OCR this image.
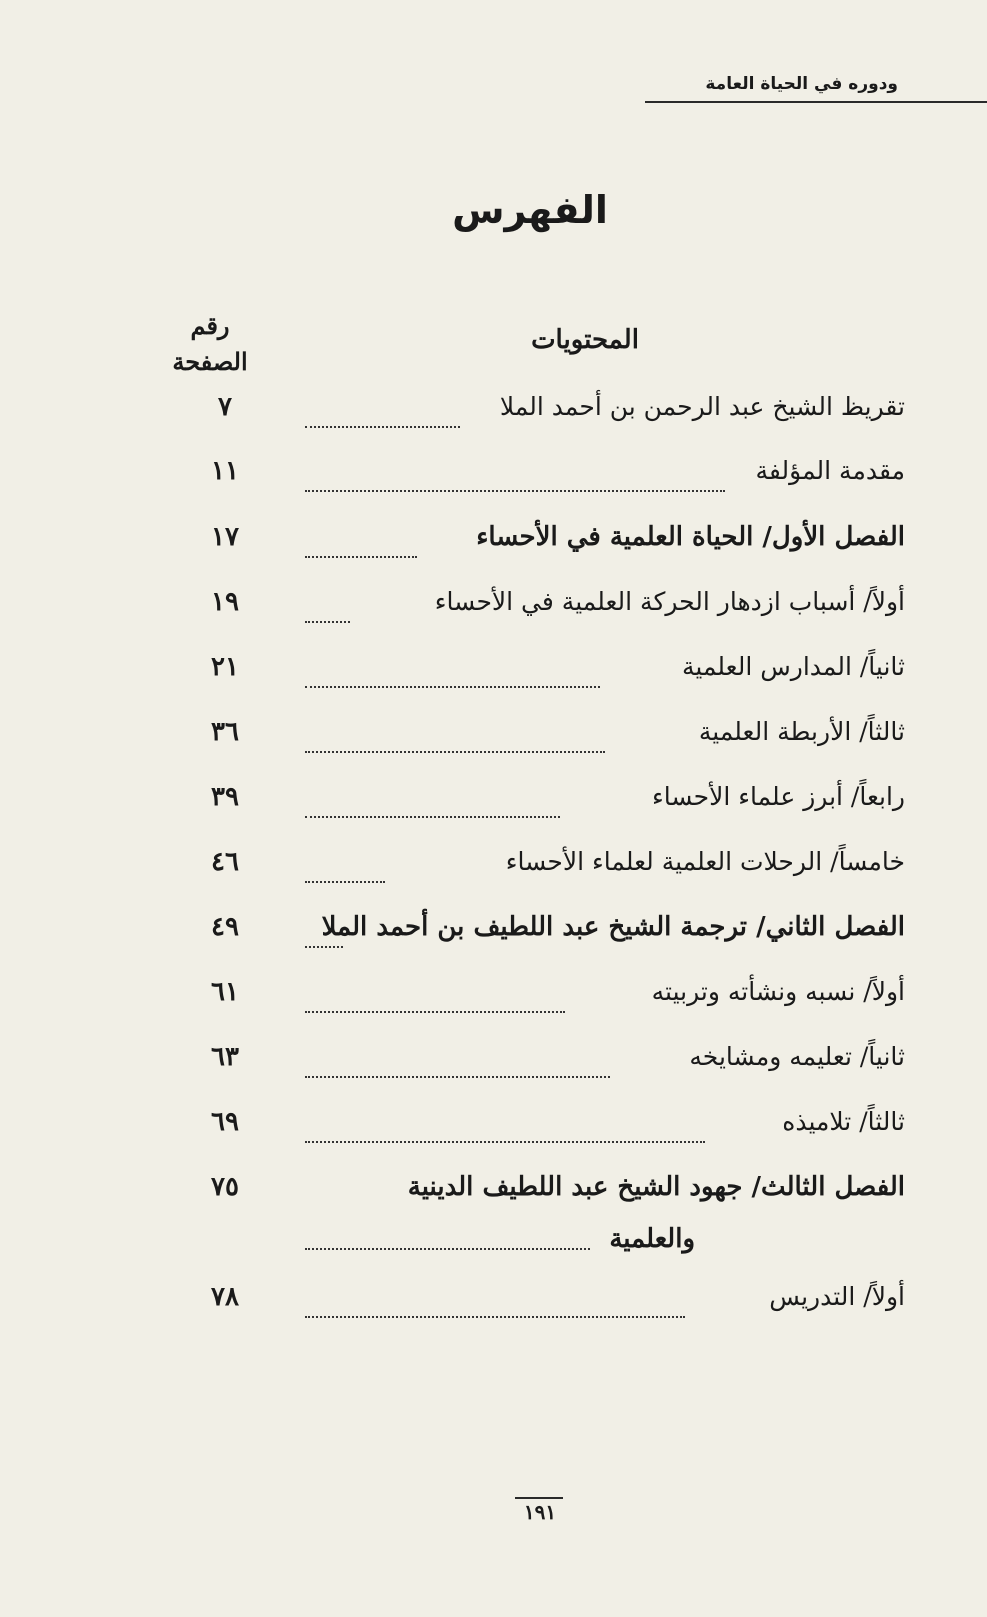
ودوره في الحياة العامة
الفهرس
المحتويات
رقم
الصفحة
تقريظ الشيخ عبد الرحمن بن أحمد الملا
٧
مقدمة المؤلفة
١١
الفصل الأول/ الحياة العلمية في الأحساء
١٧
أولاً/ أسباب ازدهار الحركة العلمية في الأحساء
١٩
ثانياً/ المدارس العلمية
٢١
ثالثاً/ الأربطة العلمية
٣٦
رابعاً/ أبرز علماء الأحساء
٣٩
خامساً/ الرحلات العلمية لعلماء الأحساء
٤٦
الفصل الثاني/ ترجمة الشيخ عبد اللطيف بن أحمد الملا
٤٩
أولاً/ نسبه ونشأته وتربيته
٦١
ثانياً/ تعليمه ومشايخه
٦٣
ثالثاً/ تلاميذه
٦٩
الفصل الثالث/ جهود الشيخ عبد اللطيف الدينية
والعلمية
٧٥
أولاً/ التدريس
٧٨
١٩١
